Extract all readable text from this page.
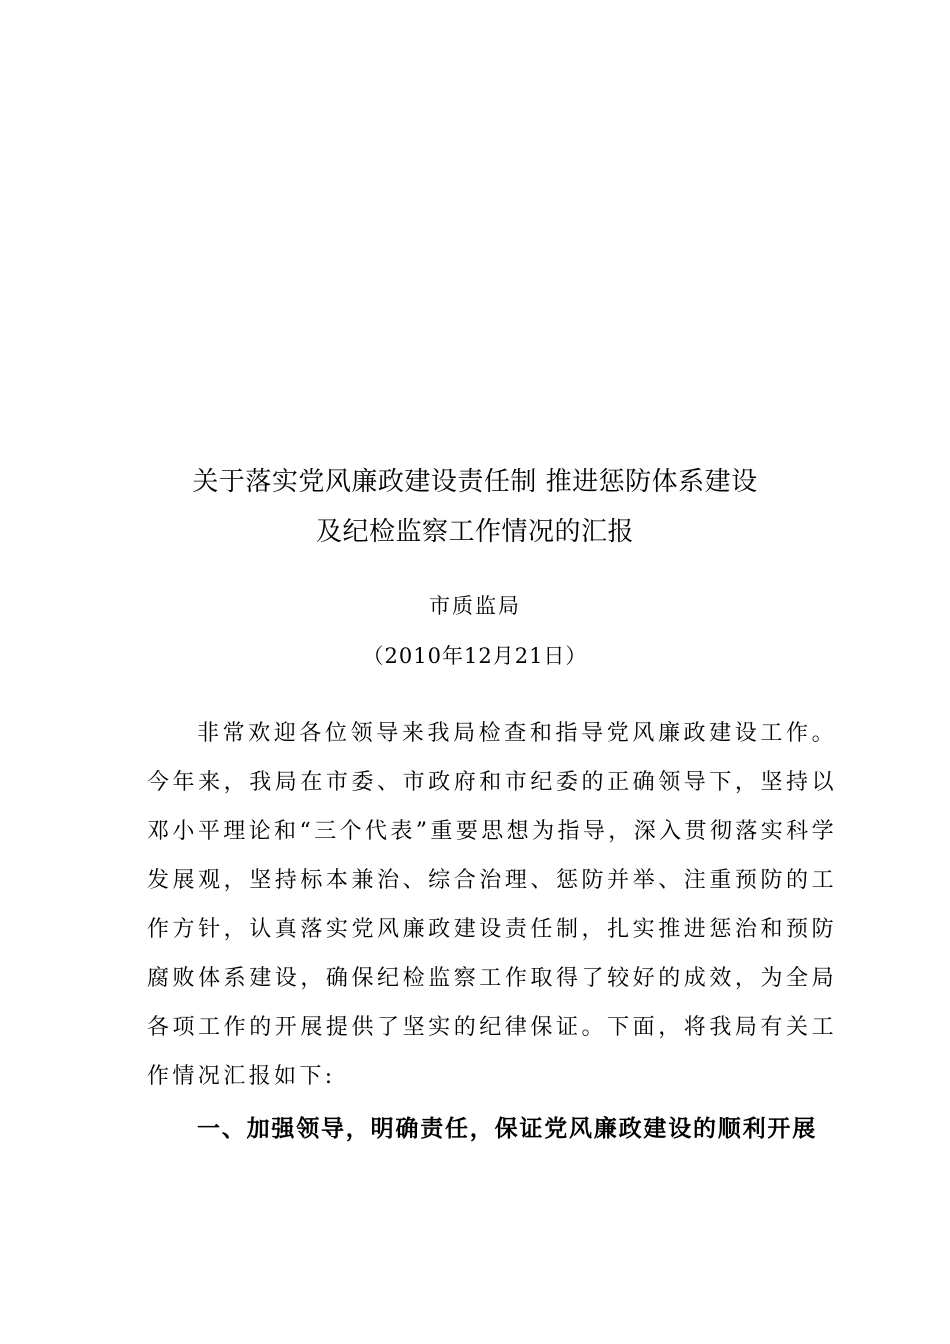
关于落实党风廉政建设责任制 推进惩防体系建设
及纪检监察工作情况的汇报
市质监局
（2010年12月21日）

非常欢迎各位领导来我局检查和指导党风廉政建设工作。今年来，我局在市委、市政府和市纪委的正确领导下，坚持以邓小平理论和“三个代表”重要思想为指导，深入贯彻落实科学发展观，坚持标本兼治、综合治理、惩防并举、注重预防的工作方针，认真落实党风廉政建设责任制，扎实推进惩治和预防腐败体系建设，确保纪检监察工作取得了较好的成效，为全局各项工作的开展提供了坚实的纪律保证。下面，将我局有关工作情况汇报如下:

一、加强领导，明确责任，保证党风廉政建设的顺利开展
